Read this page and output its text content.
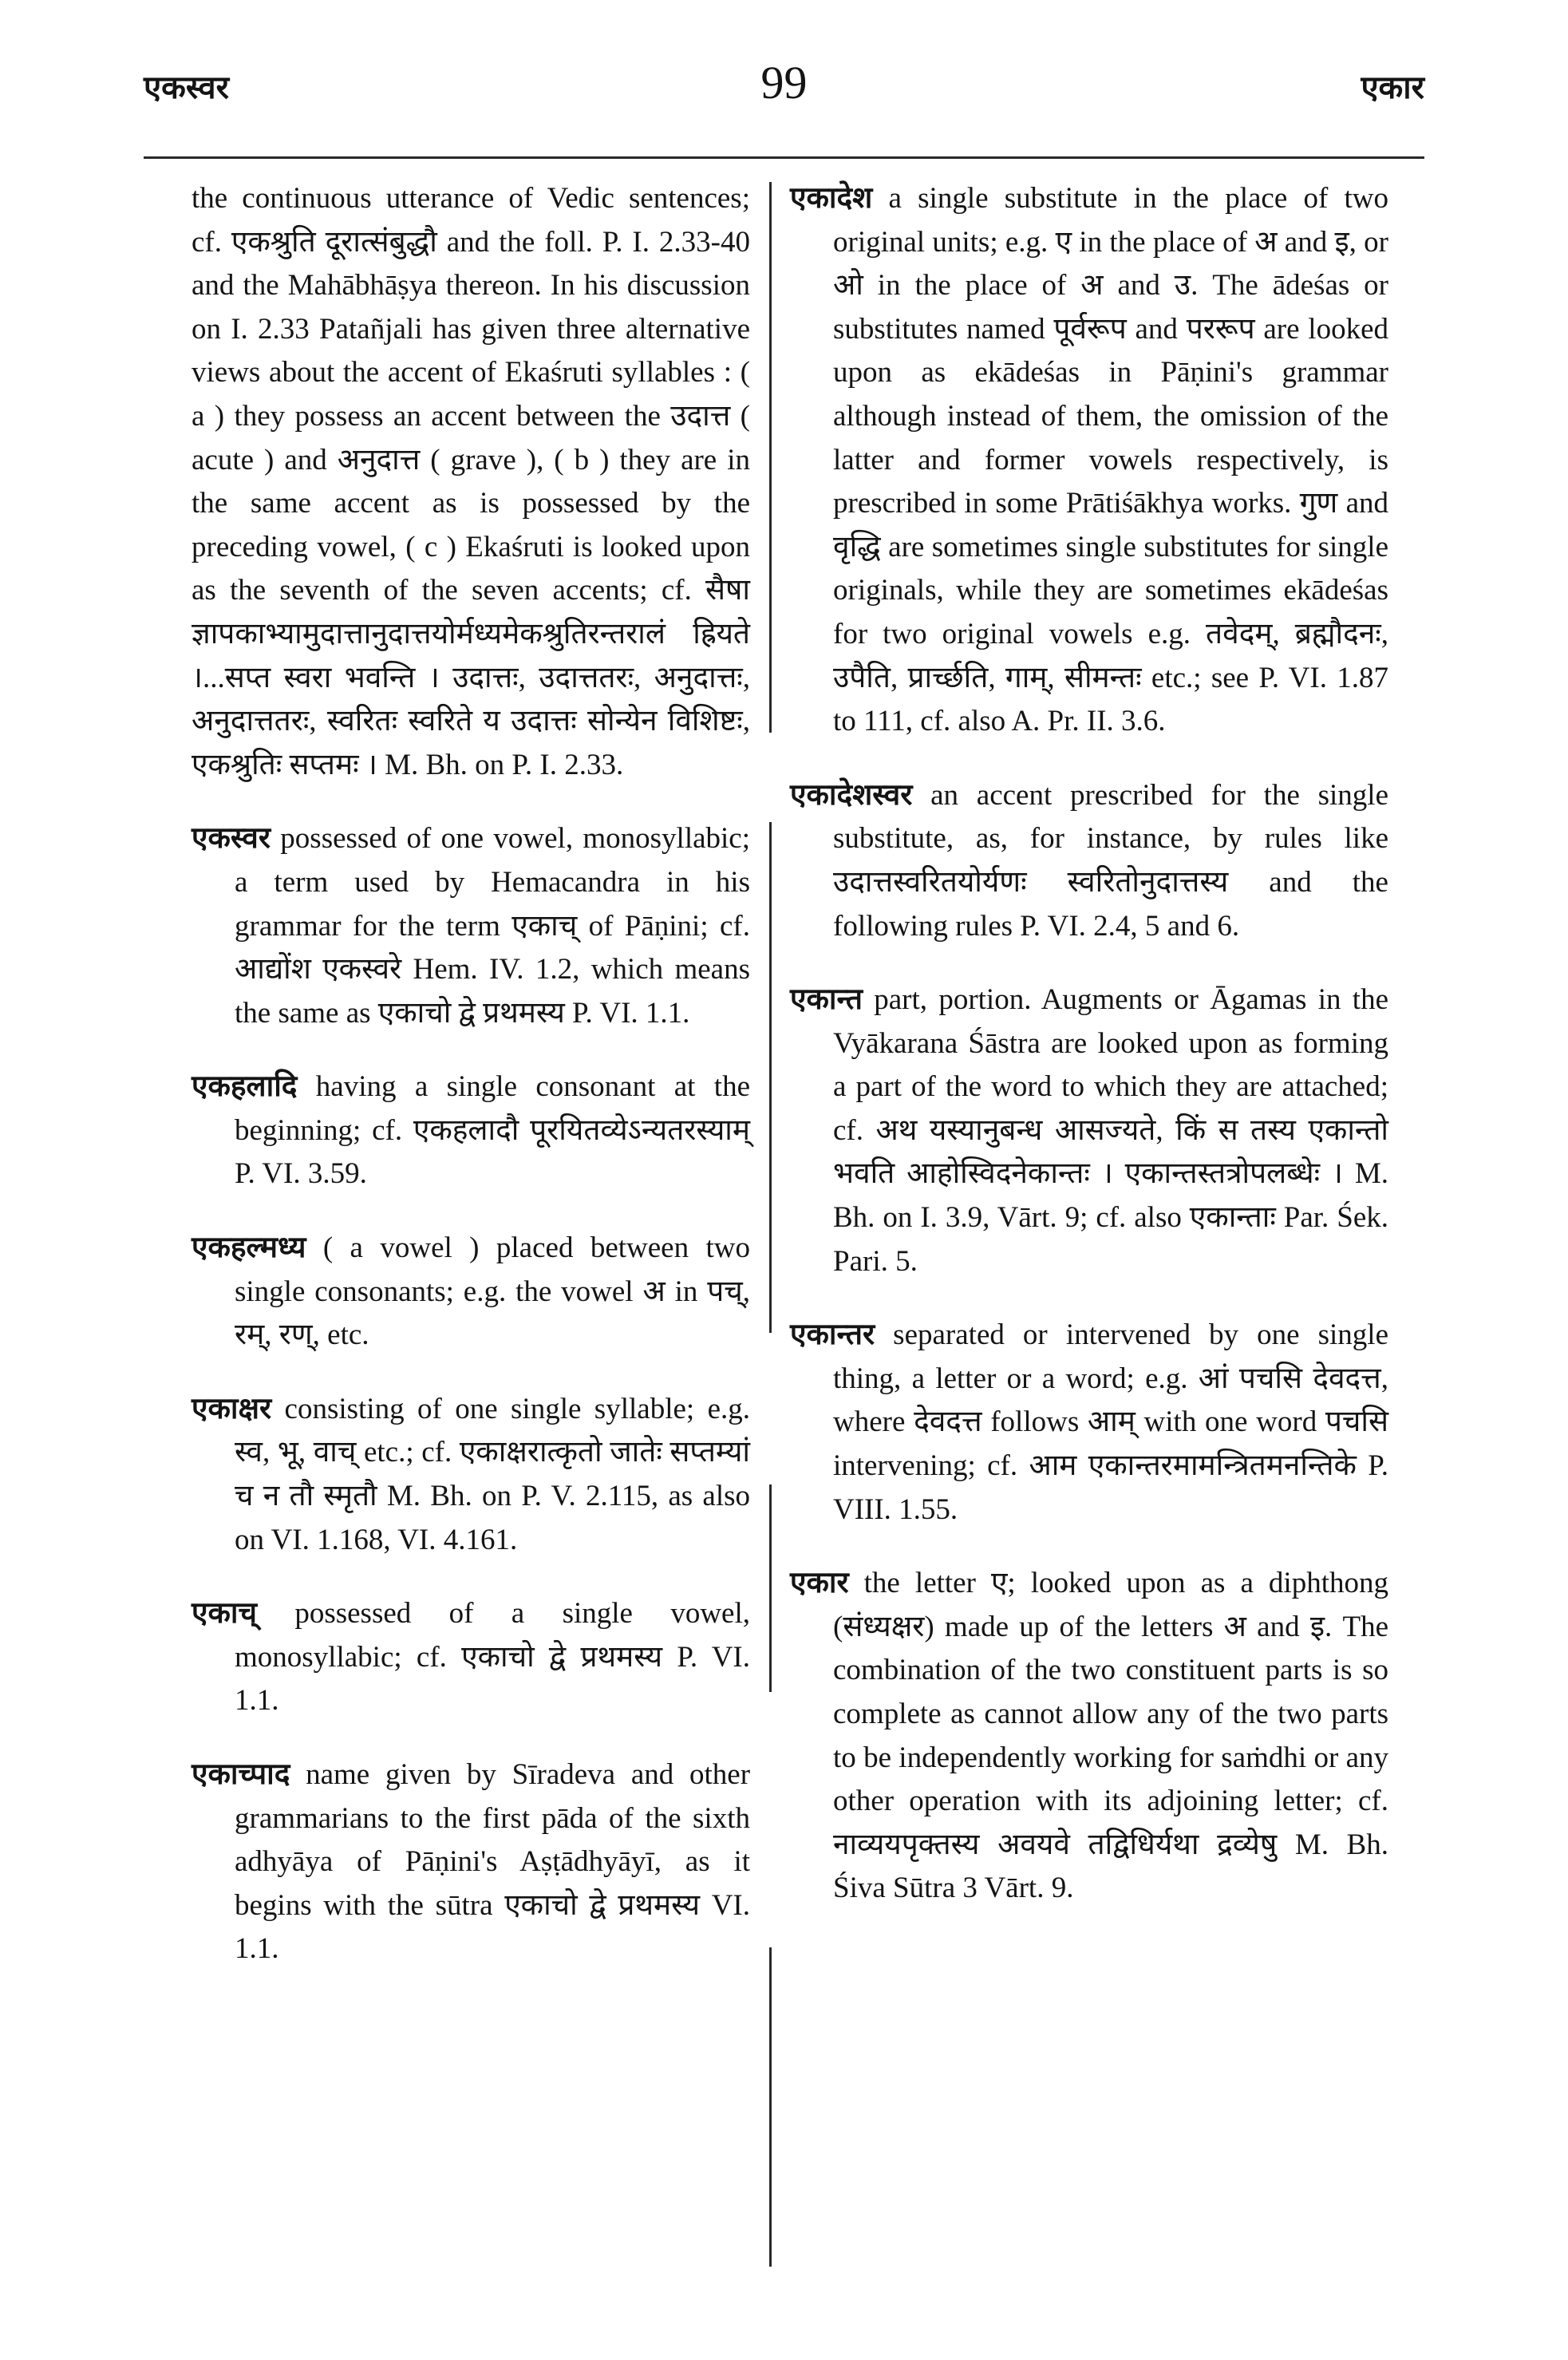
एकस्वर	99	एकार

the continuous utterance of Vedic sentences; cf. एकश्रुति दूरात्संबुद्धौ and the foll. P. I. 2.33-40 and the Mahābhāṣya thereon. In his discussion on I. 2.33 Patañjali has given three alternative views about the accent of Ekaśruti syllables : ( a ) they possess an accent between the उदात्त ( acute ) and अनुदात्त ( grave ), ( b ) they are in the same accent as is possessed by the preceding vowel, ( c ) Ekaśruti is looked upon as the seventh of the seven accents; cf. सैषा ज्ञापकाभ्यामुदात्तानुदात्तयोर्मध्यमेकश्रुतिरन्तरालं ह्रियते ।...सप्त स्वरा भवन्ति । उदात्तः, उदात्ततरः, अनुदात्तः, अनुदात्ततरः, स्वरितः स्वरिते य उदात्तः सोन्येन विशिष्टः, एकश्रुतिः सप्तमः । M. Bh. on P. I. 2.33.

एकस्वर possessed of one vowel, monosyllabic; a term used by Hemacandra in his grammar for the term एकाच् of Pāṇini; cf. आद्योंश एकस्वरे Hem. IV. 1.2, which means the same as एकाचो द्वे प्रथमस्य P. VI. 1.1.

एकहलादि having a single consonant at the beginning; cf. एकहलादौ पूरयितव्येऽन्यतरस्याम् P. VI. 3.59.

एकहल्मध्य ( a vowel ) placed between two single consonants; e.g. the vowel अ in पच्, रम्, रण्, etc.

एकाक्षर consisting of one single syllable; e.g. स्व, भू, वाच् etc.; cf. एकाक्षरात्कृतो जातेः सप्तम्यां च न तौ स्मृतौ M. Bh. on P. V. 2.115, as also on VI. 1.168, VI. 4.161.

एकाच् possessed of a single vowel, monosyllabic; cf. एकाचो द्वे प्रथमस्य P. VI. 1.1.

एकाच्पाद name given by Sīradeva and other grammarians to the first pāda of the sixth adhyāya of Pāṇini's Aṣṭādhyāyī, as it begins with the sūtra एकाचो द्वे प्रथमस्य VI. 1.1.

एकादेश a single substitute in the place of two original units; e.g. ए in the place of अ and इ, or ओ in the place of अ and उ. The ādeśas or substitutes named पूर्वरूप and पररूप are looked upon as ekādeśas in Pāṇini's grammar although instead of them, the omission of the latter and former vowels respectively, is prescribed in some Prātiśākhya works. गुण and वृद्धि are sometimes single substitutes for single originals, while they are sometimes ekādeśas for two original vowels e.g. तवेदम्, ब्रह्मौदनः, उपैति, प्रार्च्छति, गाम्, सीमन्तः etc.; see P. VI. 1.87 to 111, cf. also A. Pr. II. 3.6.

एकादेशस्वर an accent prescribed for the single substitute, as, for instance, by rules like उदात्तस्वरितयोर्यणः स्वरितोनुदात्तस्य and the following rules P. VI. 2.4, 5 and 6.

एकान्त part, portion. Augments or Āgamas in the Vyākarana Śāstra are looked upon as forming a part of the word to which they are attached; cf. अथ यस्यानुबन्ध आसज्यते, किं स तस्य एकान्तो भवति आहोस्विदनेकान्तः । एकान्तस्तत्रोपलब्धेः । M. Bh. on I. 3.9, Vārt. 9; cf. also एकान्ताः Par. Śek. Pari. 5.

एकान्तर separated or intervened by one single thing, a letter or a word; e.g. आं पचसि देवदत्त, where देवदत्त follows आम् with one word पचसि intervening; cf. आम एकान्तरमामन्त्रितमनन्तिके P. VIII. 1.55.

एकार the letter ए; looked upon as a diphthong (संध्यक्षर) made up of the letters अ and इ. The combination of the two constituent parts is so complete as cannot allow any of the two parts to be independently working for saṁdhi or any other operation with its adjoining letter; cf. नाव्ययपृक्तस्य अवयवे तद्विधिर्यथा द्रव्येषु M. Bh. Śiva Sūtra 3 Vārt. 9.
